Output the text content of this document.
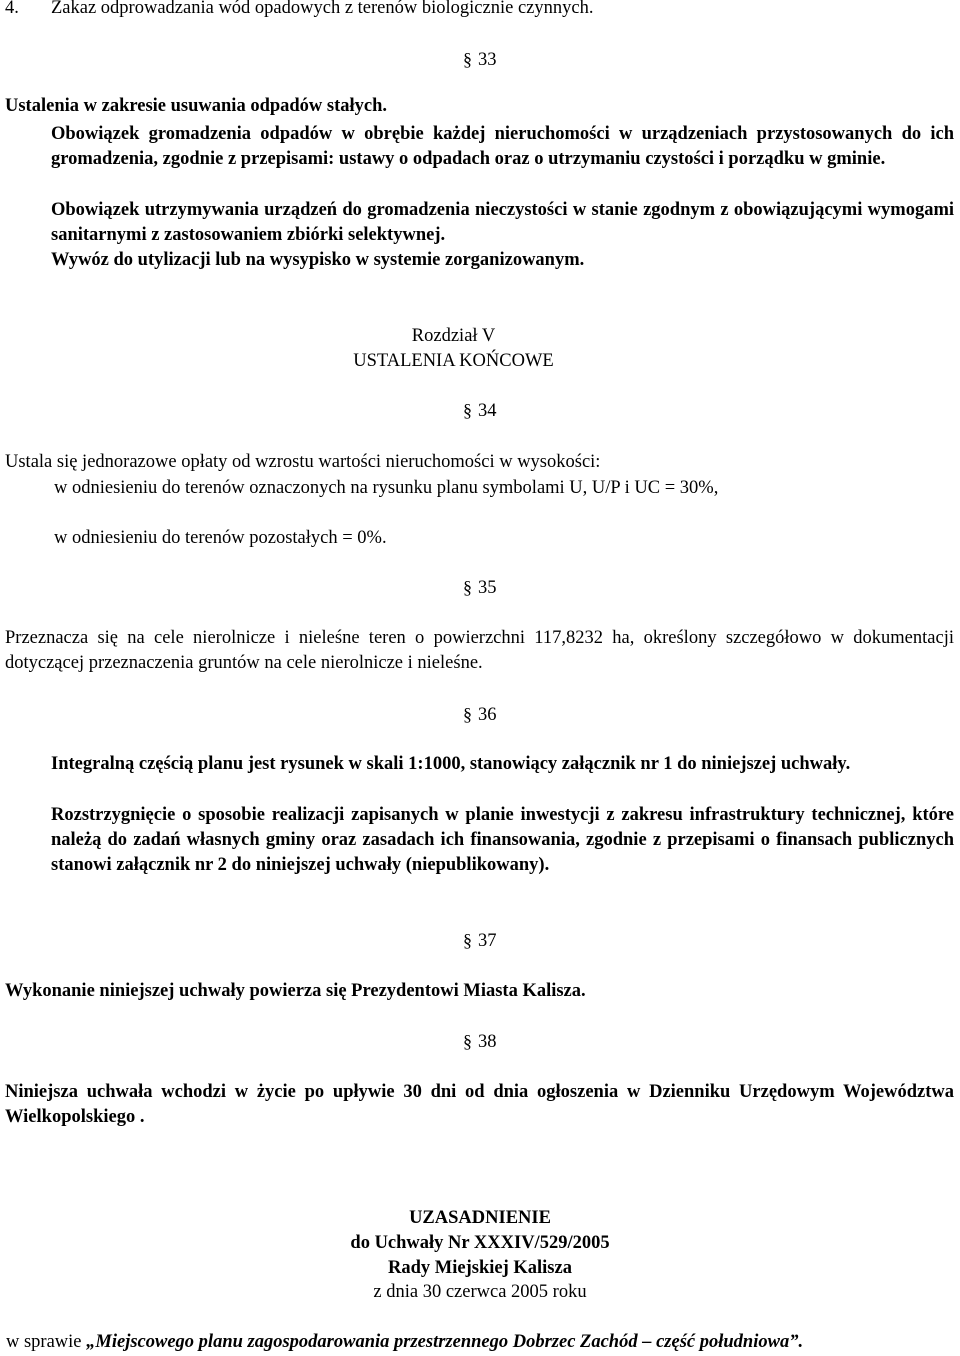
4. Zakaz odprowadzania wód opadowych z terenów biologicznie czynnych.
§ 33
Ustalenia w zakresie usuwania odpadów stałych.
Obowiązek gromadzenia odpadów w obrębie każdej nieruchomości w urządzeniach przystosowanych do ich gromadzenia, zgodnie z przepisami: ustawy o odpadach oraz o utrzymaniu czystości i porządku w gminie.
Obowiązek utrzymywania urządzeń do gromadzenia nieczystości w stanie zgodnym z obowiązującymi wymogami sanitarnymi z zastosowaniem zbiórki selektywnej.
Wywóz do utylizacji lub na wysypisko w systemie zorganizowanym.
Rozdział V
USTALENIA KOŃCOWE
§ 34
Ustala się jednorazowe opłaty od wzrostu wartości nieruchomości w wysokości:
w odniesieniu do terenów oznaczonych na rysunku planu symbolami U, U/P i UC = 30%,
w odniesieniu do terenów pozostałych = 0%.
§ 35
Przeznacza się na cele nierolnicze i nieleśne teren o powierzchni 117,8232 ha, określony szczegółowo w dokumentacji dotyczącej przeznaczenia gruntów na cele nierolnicze i nieleśne.
§ 36
Integralną częścią planu jest rysunek w skali 1:1000, stanowiący załącznik nr 1 do niniejszej uchwały.
Rozstrzygnięcie o sposobie realizacji zapisanych w planie inwestycji z zakresu infrastruktury technicznej, które należą do zadań własnych gminy oraz zasadach ich finansowania, zgodnie z przepisami o finansach publicznych stanowi załącznik nr 2 do niniejszej uchwały (niepublikowany).
§ 37
Wykonanie niniejszej uchwały powierza się Prezydentowi Miasta Kalisza.
§ 38
Niniejsza uchwała wchodzi w życie po upływie 30 dni od dnia ogłoszenia w Dzienniku Urzędowym Województwa Wielkopolskiego .
UZASADNIENIE
do Uchwały Nr XXXIV/529/2005
Rady Miejskiej Kalisza
z dnia 30 czerwca 2005 roku
w sprawie „Miejscowego planu zagospodarowania przestrzennego Dobrzec Zachód – część południowa”.
